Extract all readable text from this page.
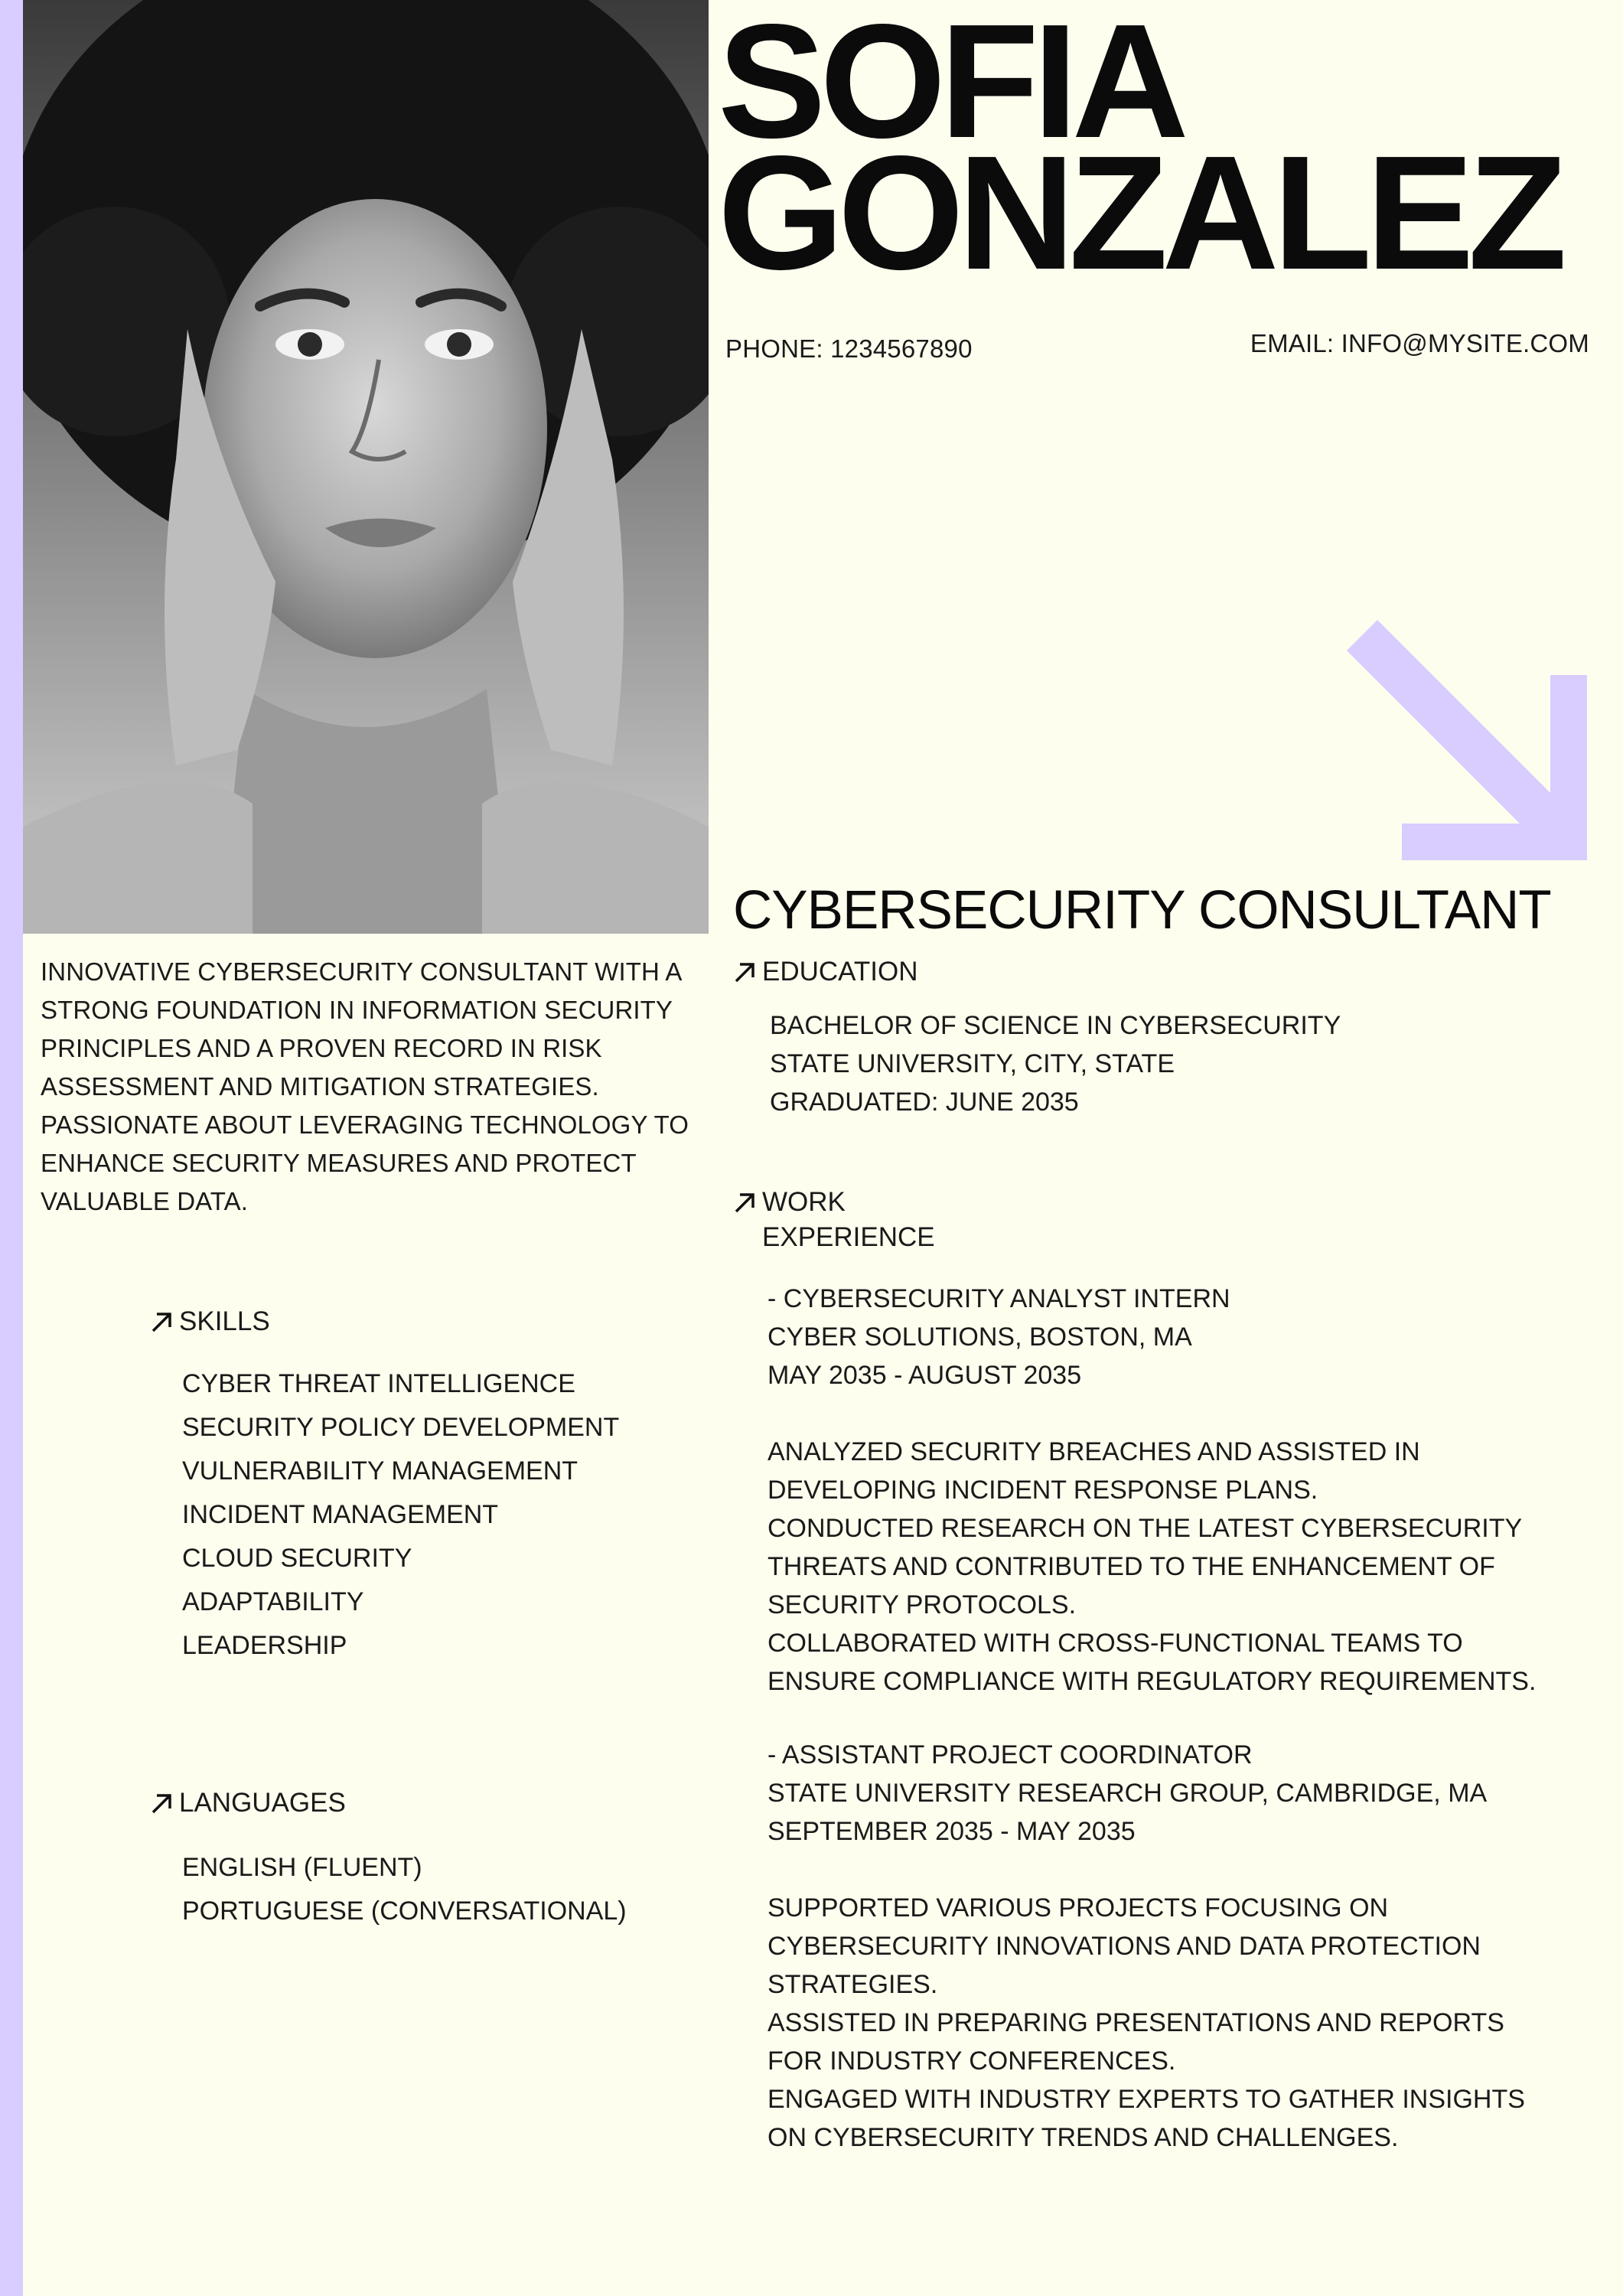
SOFIA
GONZALEZ
PHONE: 1234567890	EMAIL: INFO@MYSITE.COM
CYBERSECURITY CONSULTANT
INNOVATIVE CYBERSECURITY CONSULTANT WITH A STRONG FOUNDATION IN INFORMATION SECURITY PRINCIPLES AND A PROVEN RECORD IN RISK ASSESSMENT AND MITIGATION STRATEGIES. PASSIONATE ABOUT LEVERAGING TECHNOLOGY TO ENHANCE SECURITY MEASURES AND PROTECT VALUABLE DATA.
SKILLS
CYBER THREAT INTELLIGENCE
SECURITY POLICY DEVELOPMENT
VULNERABILITY MANAGEMENT
INCIDENT MANAGEMENT
CLOUD SECURITY
ADAPTABILITY
LEADERSHIP
LANGUAGES
ENGLISH (FLUENT)
PORTUGUESE (CONVERSATIONAL)
EDUCATION
BACHELOR OF SCIENCE IN CYBERSECURITY
STATE UNIVERSITY, CITY, STATE
GRADUATED: JUNE 2035
WORK
EXPERIENCE
- CYBERSECURITY ANALYST INTERN
CYBER SOLUTIONS, BOSTON, MA
MAY 2035 - AUGUST 2035
ANALYZED SECURITY BREACHES AND ASSISTED IN
DEVELOPING INCIDENT RESPONSE PLANS.
CONDUCTED RESEARCH ON THE LATEST CYBERSECURITY
THREATS AND CONTRIBUTED TO THE ENHANCEMENT OF
SECURITY PROTOCOLS.
COLLABORATED WITH CROSS-FUNCTIONAL TEAMS TO
ENSURE COMPLIANCE WITH REGULATORY REQUIREMENTS.
- ASSISTANT PROJECT COORDINATOR
STATE UNIVERSITY RESEARCH GROUP, CAMBRIDGE, MA
SEPTEMBER 2035 - MAY 2035
SUPPORTED VARIOUS PROJECTS FOCUSING ON
CYBERSECURITY INNOVATIONS AND DATA PROTECTION
STRATEGIES.
ASSISTED IN PREPARING PRESENTATIONS AND REPORTS
FOR INDUSTRY CONFERENCES.
ENGAGED WITH INDUSTRY EXPERTS TO GATHER INSIGHTS
ON CYBERSECURITY TRENDS AND CHALLENGES.
